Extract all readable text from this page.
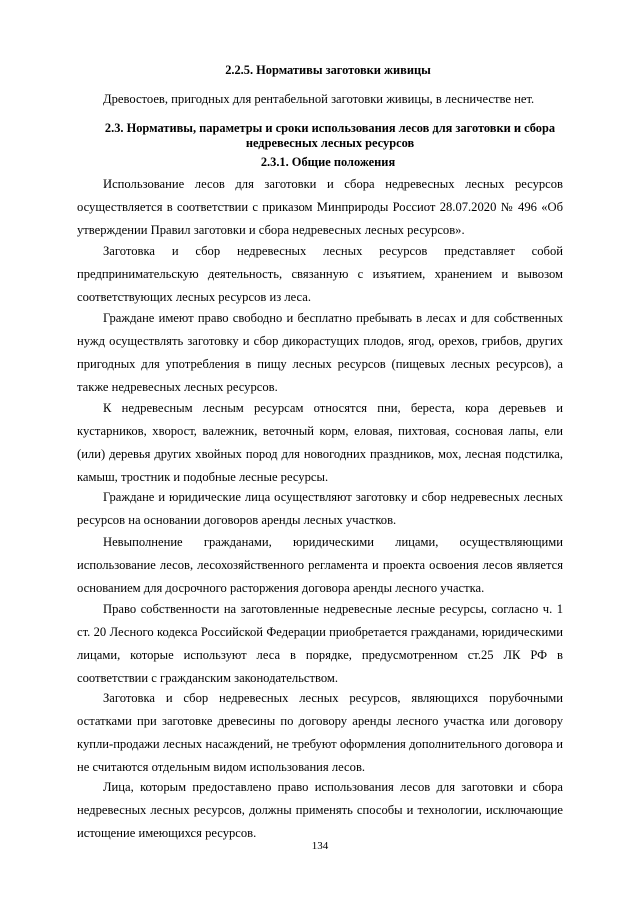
2.2.5. Нормативы заготовки живицы
Древостоев, пригодных для рентабельной заготовки живицы, в лесничестве нет.
2.3. Нормативы, параметры и сроки использования лесов для заготовки и сбора недревесных лесных ресурсов
2.3.1. Общие положения
Использование лесов для заготовки и сбора недревесных лесных ресурсов осуществляется в соответствии с приказом Минприроды Россиот 28.07.2020 № 496 «Об утверждении Правил заготовки и сбора недревесных лесных ресурсов».
Заготовка и сбор недревесных лесных ресурсов представляет собой предпринимательскую деятельность, связанную с изъятием, хранением и вывозом соответствующих лесных ресурсов из леса.
Граждане имеют право свободно и бесплатно пребывать в лесах и для собственных нужд осуществлять заготовку и сбор дикорастущих плодов, ягод, орехов, грибов, других пригодных для употребления в пищу лесных ресурсов (пищевых лесных ресурсов), а также недревесных лесных ресурсов.
К недревесным лесным ресурсам относятся пни, береста, кора деревьев и кустарников, хворост, валежник, веточный корм, еловая, пихтовая, сосновая лапы, ели (или) деревья других хвойных пород для новогодних праздников, мох, лесная подстилка, камыш, тростник и подобные лесные ресурсы.
Граждане и юридические лица осуществляют заготовку и сбор недревесных лесных ресурсов на основании договоров аренды лесных участков.
Невыполнение гражданами, юридическими лицами, осуществляющими использование лесов, лесохозяйственного регламента и проекта освоения лесов является основанием для досрочного расторжения договора аренды лесного участка.
Право собственности на заготовленные недревесные лесные ресурсы, согласно ч. 1 ст. 20 Лесного кодекса Российской Федерации приобретается гражданами, юридическими лицами, которые используют леса в порядке, предусмотренном ст.25 ЛК РФ в соответствии с гражданским законодательством.
Заготовка и сбор недревесных лесных ресурсов, являющихся порубочными остатками при заготовке древесины по договору аренды лесного участка или договору купли-продажи лесных насаждений, не требуют оформления дополнительного договора и не считаются отдельным видом использования лесов.
Лица, которым предоставлено право использования лесов для заготовки и сбора недревесных лесных ресурсов, должны применять способы и технологии, исключающие истощение имеющихся ресурсов.
134
